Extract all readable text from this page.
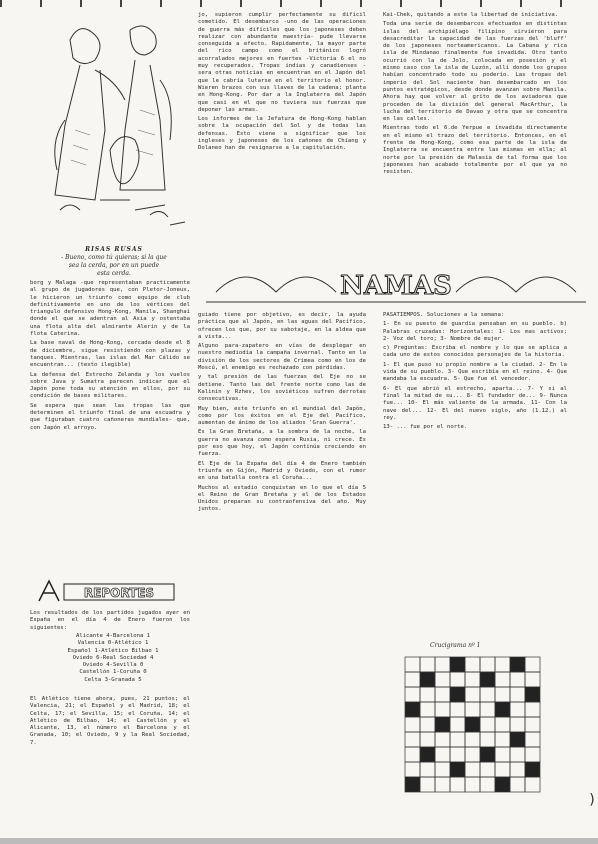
RISAS RUSAS
- Bueno, como tú quieras; si la que
sea la cerda, por en un puede
esta cerda.

borg y Malaga -que representaban practicamente al grupo de jugadores que, con Pletor-Joneux, le hicieron un triunfo como equipo de club definitivamente en uno de los vértices del triangulo defensivo Hong-Kong, Manila, Shanghai donde el que se adentran al Asia y ostentaba una flota alta del almirante Alerin y de la flota Caterina.

La base naval de Hong-Kong, cercada desde el 8 de diciembre, sigue resistiendo con plazas y tanques. Mientras, las islas del Mar Cálido se encuentran... (texto ilegible)

La defensa del Estrecho Zelanda y los vuelos sobre Java y Sumatra parecen indicar que el Japón pone toda su atención en ellos, por su condición de bases militares.

Se espera que sean las tropas las que determinen el triunfo final de una escuadra y que figuraban cuatro cañoneras mundiales- que, con Japón el arroyo.

REPORTES

Los resultados de los partidos jugados ayer en España en el día 4 de Enero fueron los siguientes:

Alicante 4-Barcelona 1
Valencia 0-Atlético 1
Español 1-Atlético Bilbao 1
Oviedo 6-Real Sociedad 4
Oviedo 4-Sevilla 0
Castellón 1-Coruña 0
Celta 3-Granada 5

El Atlético tiene ahora, pues, 21 puntos; el Valencia, 21; el Español y el Madrid, 18; el Celta, 17; el Sevilla, 15; el Coruña, 14; el Atlético de Bilbao, 14; el Castellón y el Alicante, 13, el número el Barcelona y el Granada, 10; el Oviedo, 9 y la Real Sociedad, 7.

jo, supieron cumplir perfectamente su difícil cometido. El desembarco -uno de las operaciones de guerra más difíciles que los japoneses deben realizar con abundante maestría- pude llevarse conseguida a efecto. Rapidamente, la mayor parte del rico campo como el británico logró acorralados mejores en fuertes -Victoria 6 el no muy recuperados. Tropas indias y canadienses -sera otras noticias en encuentran en el Japón del que le cabría lutarse en el territorio el honor. Wieren brazos con sus llaves de la cadena; planta en Hong-Kong. Por dar a la Inglaterra del Japón que casi en el que no tuviera sus fuerzas que deponer las armas.

Los informes de la Jefatura de Hong-Kong hablan sobre la ocupación del Sol y de todas las defensas. Esto viene a significar que los ingleses y japoneses de los cañones de Chiang y Dolaneo han de resignarse a la capitulación.

Kai-Chek, quitando a este la libertad de iniciativa.

Toda una serie de desembarcos efectuados en distintas islas del archipiélago filipino sirvieron para desacreditar la capacidad de las fuerzas del 'bluff' de los japoneses norteamericanos. La Cabana y rica isla de Mindanao finalmente fue invadida. Otro tanto ocurrió con la de Jolo, colocada en posesión y el mismo caso con la isla de Luzón, allí donde los grupos habían concentrado todo su poderío. Las tropas del imperio del Sol naciente han desembarcado en los puntos estratégicos, desde donde avanzan sobre Manila. Ahora hay que volver al grito de los aviadores que proceden de la división del general MacArthur, la lucha del territorio de Davao y otra que se concentra en las calles.

Mientras todo el 6.de Yerpue e invadida directamente en el mismo el trazo del territorio. Entonces, en el frente de Hong-Kong, como esa parte de la isla de Inglaterra se encuentra entre las mismas en ella; al norte por la presión de Malasia de tal forma que los japoneses han acabado totalmente por el que ya no resisten.

NAMAS

guiado tiene por objetivo, es decir, la ayuda práctica que al Japón, en las aguas del Pacífico, ofrecen los que, por su sabotaje, en la aldea que a vista...

Alguno para-zapatero en vías de desplegar en nuestro mediodía la campaña invernal. Tanto en la división de los sectores de Crimea como en los de Moscú, el enemigo es rechazado con pérdidas.

y tal presión de las fuerzas del Eje no se detiene. Tanto las del frente norte como las de Kalinin y Rzhev, los soviéticos sufren derrotas consecutivas.

Muy bien, este triunfo en el mundial del Japón, como por los éxitos en el Eje del Pacífico, aumentan de ánimo de los aliados 'Gran Guerra'.

Es la Gran Bretaña, a la sombra de la noche, la guerra no avanza como espera Rusia, ni crece. Es por eso que hoy, el Japón continúa creciendo en fuerza.

El Eje de la España del día 4 de Enero también triunfa en Gijón, Madrid y Oviedo, con el rumor en una batalla contra el Coruña...

Muchos al estadio conquistan en lo que el día 5 el Reino de Gran Bretaña y el de los Estados Unidos preparan su contraofensiva del año. Muy juntos.

PASATIEMPOS. Soluciones a la semana:

1- En su puesto de guardia pensaban en su pueblo. b) Palabras cruzadas: Horizontales: 1- Los mas activos; 2- Voz del toro; 3- Nombre de mujer.

c) Preguntas: Escriba el nombre y lo que se aplica a cada uno de estos conocidos personajes de la historia.

1- El que puso su propio nombre a la ciudad. 2- En la vida de su pueblo. 3- Que escribía en el reino. 4- Que mandaba la escuadra. 5- Que fue el vencedor.

6- El que abrió el estrecho, aparta... 7- Y si al final la mitad de su... 8- El fundador de... 9- Nunca fue... 10- El más valiente de la armada. 11- Con la nave del... 12- El del nuevo siglo, año (1.12.) al rey.

13- ... fue por el norte.

Crucigrama nº 1
)
